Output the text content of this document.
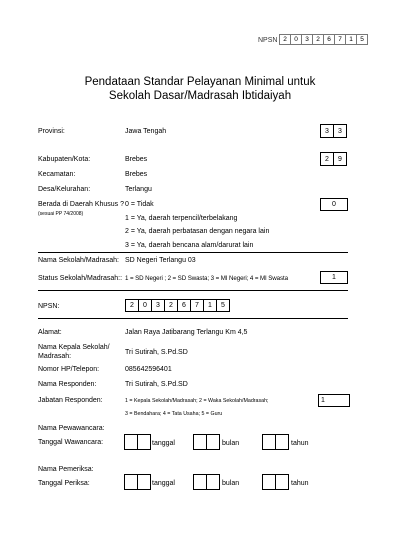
NPSN 2	0	3	2	6	7	1	5
Pendataan Standar Pelayanan Minimal untuk
Sekolah Dasar/Madrasah Ibtidaiyah
Provinsi:	Jawa Tengah	3	3
Kabupaten/Kota:	Brebes	2	9
Kecamatan:	Brebes
Desa/Kelurahan:	Terlangu
Berada di Daerah Khusus ?
(sesuai PP 74/2008)
0 = Tidak
1 = Ya, daerah terpencil/terbelakang
2 = Ya, daerah perbatasan dengan negara lain
3 = Ya, daerah bencana alam/darurat lain
0
Nama Sekolah/Madrasah: SD Negeri Terlangu 03
Status Sekolah/Madrasah:: 1 = SD Negeri ; 2 = SD Swasta; 3 = MI Negeri; 4 = MI Swasta	1
NPSN:	2	0	3	2	6	7	1	5
Alamat:	Jalan Raya Jatibarang Terlangu Km 4,5
Nama Kepala Sekolah/
Madrasah:
Tri Sutirah, S.Pd.SD
Nomor HP/Telepon:	085642596401
Nama Responden:	Tri Sutirah, S.Pd.SD
Jabatan Responden:	1 = Kepala Sekolah/Madrasah; 2 = Waka Sekolah/Madrasah;
3 = Bendahara; 4 = Tata Usaha; 5 = Guru
1
Nama Pewawancara:
Tanggal Wawancara:	tanggal	bulan	tahun
Nama Pemeriksa:
Tanggal Periksa:	tanggal	bulan	tahun
